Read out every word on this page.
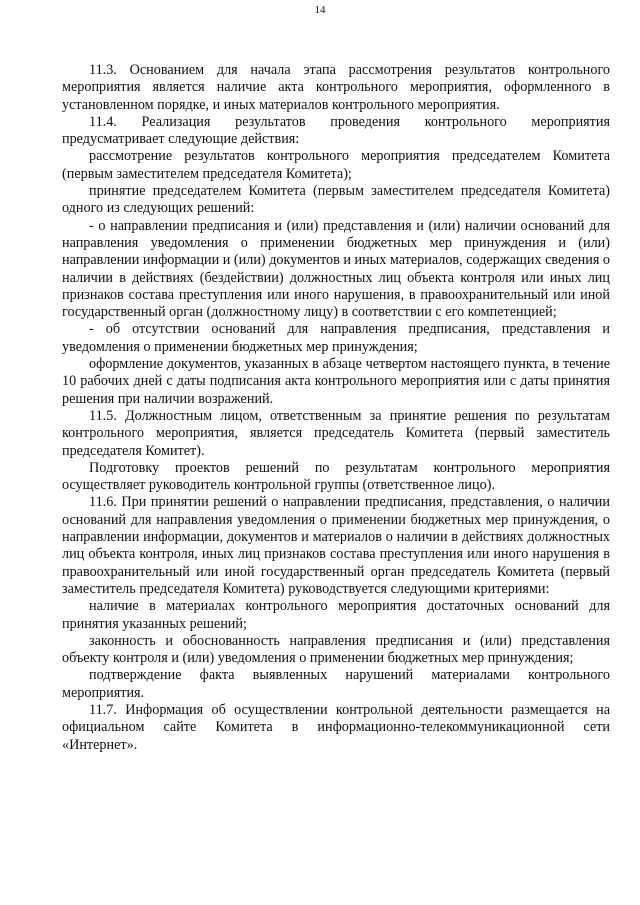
14

11.3. Основанием для начала этапа рассмотрения результатов контрольного мероприятия является наличие акта контрольного мероприятия, оформленного в установленном порядке, и иных материалов контрольного мероприятия.

11.4. Реализация результатов проведения контрольного мероприятия предусматривает следующие действия:

рассмотрение результатов контрольного мероприятия председателем Комитета (первым заместителем председателя Комитета);

принятие председателем Комитета (первым заместителем председателя Комитета) одного из следующих решений:

- о направлении предписания и (или) представления и (или) наличии оснований для направления уведомления о применении бюджетных мер принуждения и (или) направлении информации и (или) документов и иных материалов, содержащих сведения о наличии в действиях (бездействии) должностных лиц объекта контроля или иных лиц признаков состава преступления или иного нарушения, в правоохранительный или иной государственный орган (должностному лицу) в соответствии с его компетенцией;

- об отсутствии оснований для направления предписания, представления и уведомления о применении бюджетных мер принуждения;

оформление документов, указанных в абзаце четвертом настоящего пункта, в течение 10 рабочих дней с даты подписания акта контрольного мероприятия или с даты принятия решения при наличии возражений.

11.5. Должностным лицом, ответственным за принятие решения по результатам контрольного мероприятия, является председатель Комитета (первый заместитель председателя Комитет).

Подготовку проектов решений по результатам контрольного мероприятия осуществляет руководитель контрольной группы (ответственное лицо).

11.6. При принятии решений о направлении предписания, представления, о наличии оснований для направления уведомления о применении бюджетных мер принуждения, о направлении информации, документов и материалов о наличии в действиях должностных лиц объекта контроля, иных лиц признаков состава преступления или иного нарушения в правоохранительный или иной государственный орган председатель Комитета (первый заместитель председателя Комитета) руководствуется следующими критериями:

наличие в материалах контрольного мероприятия достаточных оснований для принятия указанных решений;

законность и обоснованность направления предписания и (или) представления объекту контроля и (или) уведомления о применении бюджетных мер принуждения;

подтверждение факта выявленных нарушений материалами контрольного мероприятия.

11.7. Информация об осуществлении контрольной деятельности размещается на официальном сайте Комитета в информационно-телекоммуникационной сети «Интернет».
